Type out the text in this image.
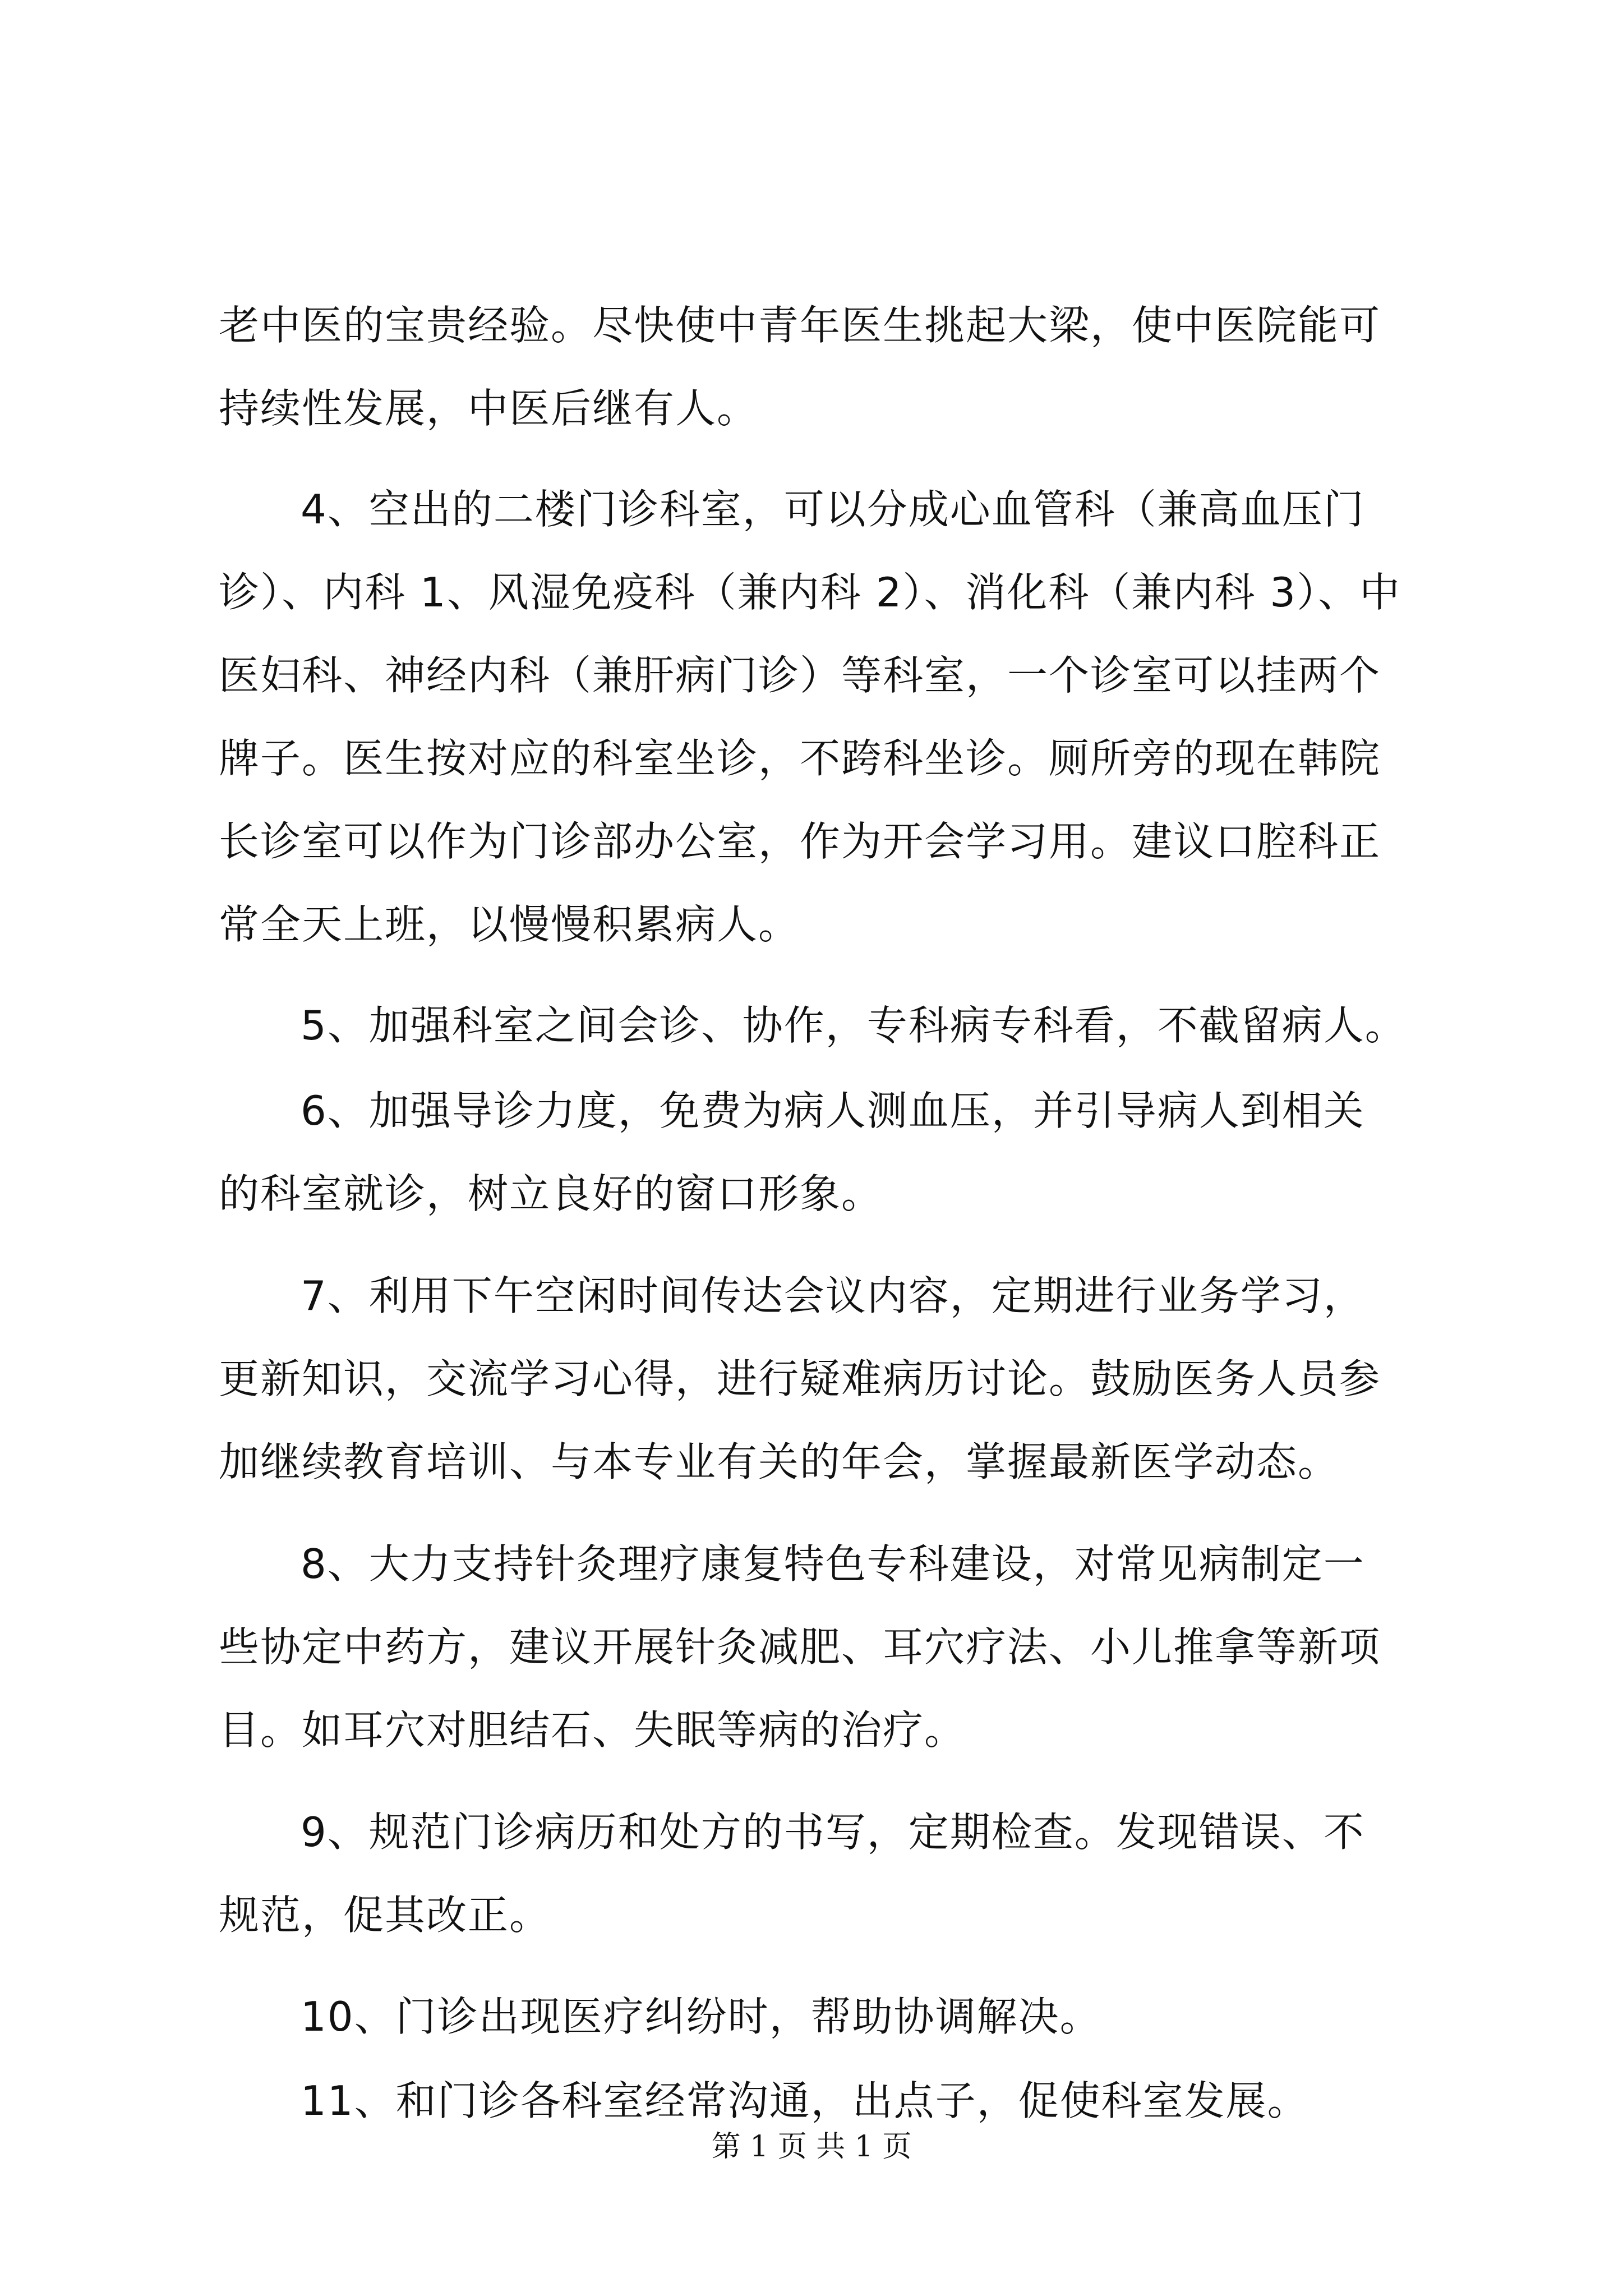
老中医的宝贵经验。尽快使中青年医生挑起大梁，使中医院能可
持续性发展，中医后继有人。
4、空出的二楼门诊科室，可以分成心血管科（兼高血压门
诊）、内科 1、风湿免疫科（兼内科 2）、消化科（兼内科 3）、中
医妇科、神经内科（兼肝病门诊）等科室，一个诊室可以挂两个
牌子。医生按对应的科室坐诊，不跨科坐诊。厕所旁的现在韩院
长诊室可以作为门诊部办公室，作为开会学习用。建议口腔科正
常全天上班，以慢慢积累病人。
5、加强科室之间会诊、协作，专科病专科看，不截留病人。
6、加强导诊力度，免费为病人测血压，并引导病人到相关
的科室就诊，树立良好的窗口形象。
7、利用下午空闲时间传达会议内容，定期进行业务学习，
更新知识，交流学习心得，进行疑难病历讨论。鼓励医务人员参
加继续教育培训、与本专业有关的年会，掌握最新医学动态。
8、大力支持针灸理疗康复特色专科建设，对常见病制定一
些协定中药方，建议开展针灸减肥、耳穴疗法、小儿推拿等新项
目。如耳穴对胆结石、失眠等病的治疗。
9、规范门诊病历和处方的书写，定期检查。发现错误、不
规范，促其改正。
10、门诊出现医疗纠纷时，帮助协调解决。
11、和门诊各科室经常沟通，出点子，促使科室发展。
第 1 页 共 1 页
